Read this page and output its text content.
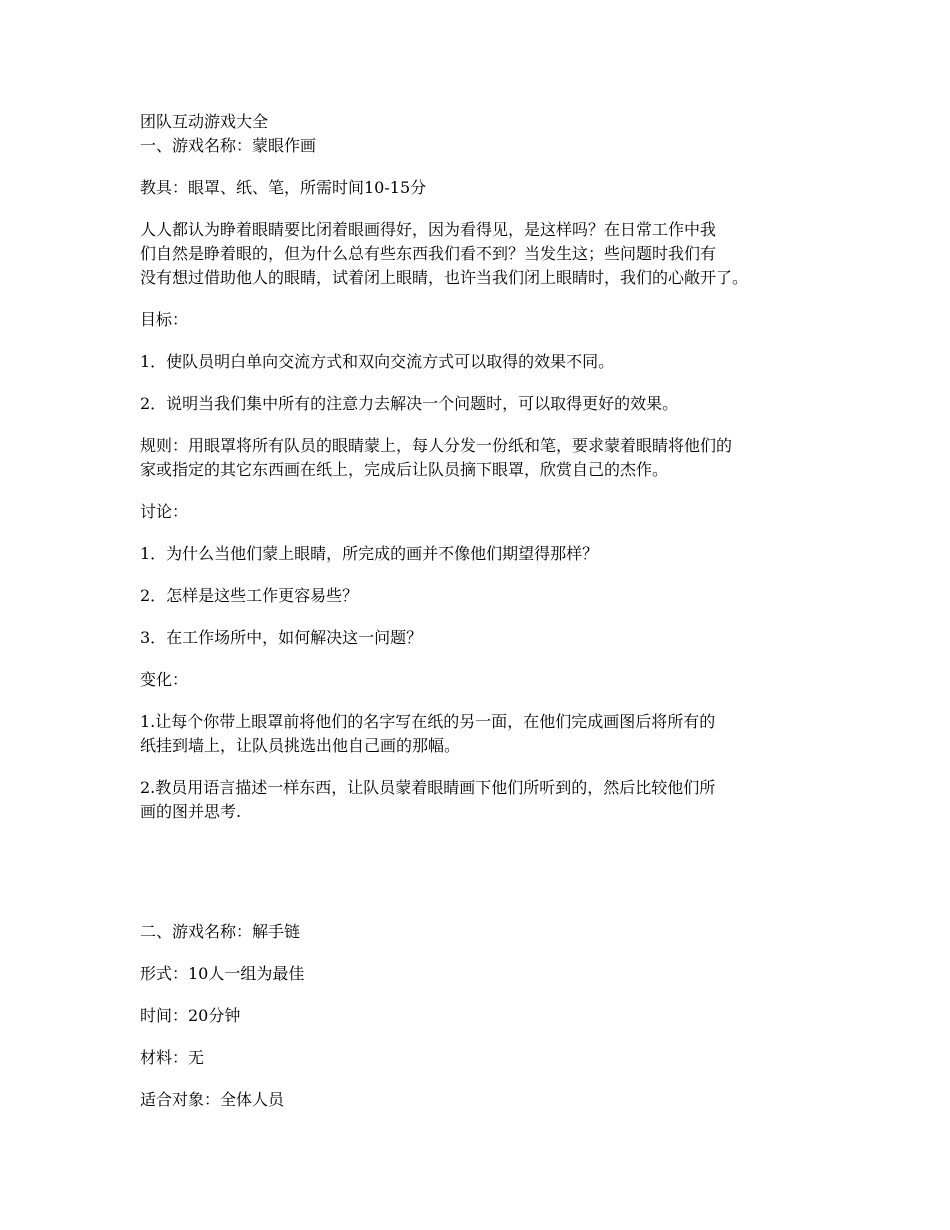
团队互动游戏大全
一、游戏名称：蒙眼作画
教具：眼罩、纸、笔，所需时间10-15分
人人都认为睁着眼睛要比闭着眼画得好，因为看得见，是这样吗？在日常工作中我
们自然是睁着眼的，但为什么总有些东西我们看不到？当发生这；些问题时我们有
没有想过借助他人的眼睛，试着闭上眼睛，也许当我们闭上眼睛时，我们的心敞开了。
目标：
1．使队员明白单向交流方式和双向交流方式可以取得的效果不同。
2．说明当我们集中所有的注意力去解决一个问题时，可以取得更好的效果。
规则：用眼罩将所有队员的眼睛蒙上，每人分发一份纸和笔，要求蒙着眼睛将他们的
家或指定的其它东西画在纸上，完成后让队员摘下眼罩，欣赏自己的杰作。
讨论：
1．为什么当他们蒙上眼睛，所完成的画并不像他们期望得那样？
2．怎样是这些工作更容易些？
3．在工作场所中，如何解决这一问题？
变化：
1.让每个你带上眼罩前将他们的名字写在纸的另一面，在他们完成画图后将所有的
纸挂到墙上，让队员挑选出他自己画的那幅。
2.教员用语言描述一样东西，让队员蒙着眼睛画下他们所听到的，然后比较他们所
画的图并思考.
二、游戏名称：解手链
形式：10人一组为最佳
时间：20分钟
材料：无
适合对象：全体人员
